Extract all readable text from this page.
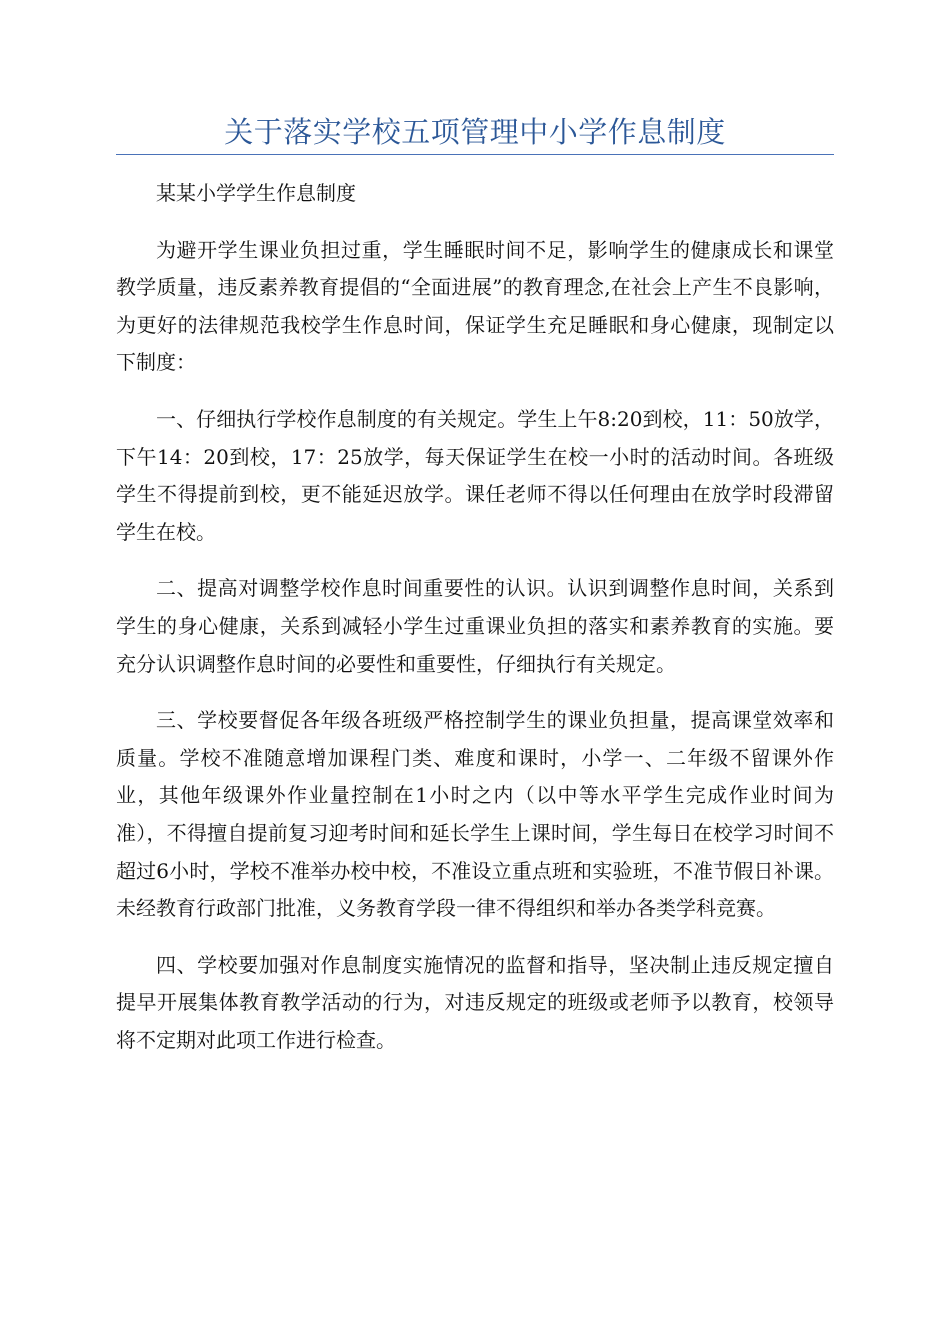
关于落实学校五项管理中小学作息制度

某某小学学生作息制度

为避开学生课业负担过重，学生睡眠时间不足，影响学生的健康成长和课堂教学质量，违反素养教育提倡的“全面进展”的教育理念,在社会上产生不良影响，为更好的法律规范我校学生作息时间，保证学生充足睡眠和身心健康，现制定以下制度：

一、仔细执行学校作息制度的有关规定。学生上午8:20到校，11：50放学，下午14：20到校，17：25放学，每天保证学生在校一小时的活动时间。各班级学生不得提前到校，更不能延迟放学。课任老师不得以任何理由在放学时段滞留学生在校。

二、提高对调整学校作息时间重要性的认识。认识到调整作息时间，关系到学生的身心健康，关系到减轻小学生过重课业负担的落实和素养教育的实施。要充分认识调整作息时间的必要性和重要性，仔细执行有关规定。

三、学校要督促各年级各班级严格控制学生的课业负担量，提高课堂效率和质量。学校不准随意增加课程门类、难度和课时，小学一、二年级不留课外作业，其他年级课外作业量控制在1小时之内（以中等水平学生完成作业时间为准），不得擅自提前复习迎考时间和延长学生上课时间，学生每日在校学习时间不超过6小时，学校不准举办校中校，不准设立重点班和实验班，不准节假日补课。未经教育行政部门批准，义务教育学段一律不得组织和举办各类学科竞赛。

四、学校要加强对作息制度实施情况的监督和指导，坚决制止违反规定擅自提早开展集体教育教学活动的行为，对违反规定的班级或老师予以教育，校领导将不定期对此项工作进行检查。
